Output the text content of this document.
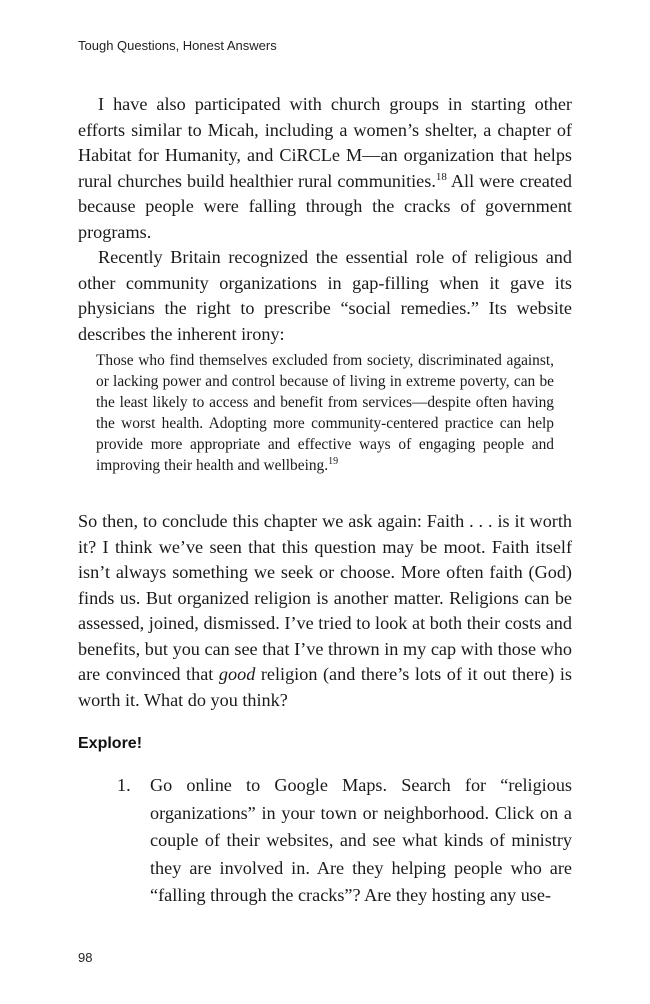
Tough Questions, Honest Answers

I have also participated with church groups in starting other efforts similar to Micah, including a women’s shelter, a chapter of Habitat for Humanity, and CiRCLe M—an organization that helps rural churches build healthier rural communities.$^{18}$ All were created because people were falling through the cracks of government programs.

Recently Britain recognized the essential role of religious and other community organizations in gap-filling when it gave its physicians the right to prescribe “social remedies.” Its website describes the inherent irony:

Those who find themselves excluded from society, discriminated against, or lacking power and control because of living in extreme poverty, can be the least likely to access and benefit from services—despite often having the worst health. Adopting more community-centered practice can help provide more appropriate and effective ways of engaging people and improving their health and wellbeing.$^{19}$

So then, to conclude this chapter we ask again: Faith . . . is it worth it? I think we’ve seen that this question may be moot. Faith itself isn’t always something we seek or choose. More often faith (God) finds us. But organized religion is another matter. Religions can be assessed, joined, dismissed. I’ve tried to look at both their costs and benefits, but you can see that I’ve thrown in my cap with those who are convinced that good religion (and there’s lots of it out there) is worth it. What do you think?

Explore!
1. Go online to Google Maps. Search for “religious organizations” in your town or neighborhood. Click on a couple of their websites, and see what kinds of ministry they are involved in. Are they helping people who are “falling through the cracks”? Are they hosting any use-
98
